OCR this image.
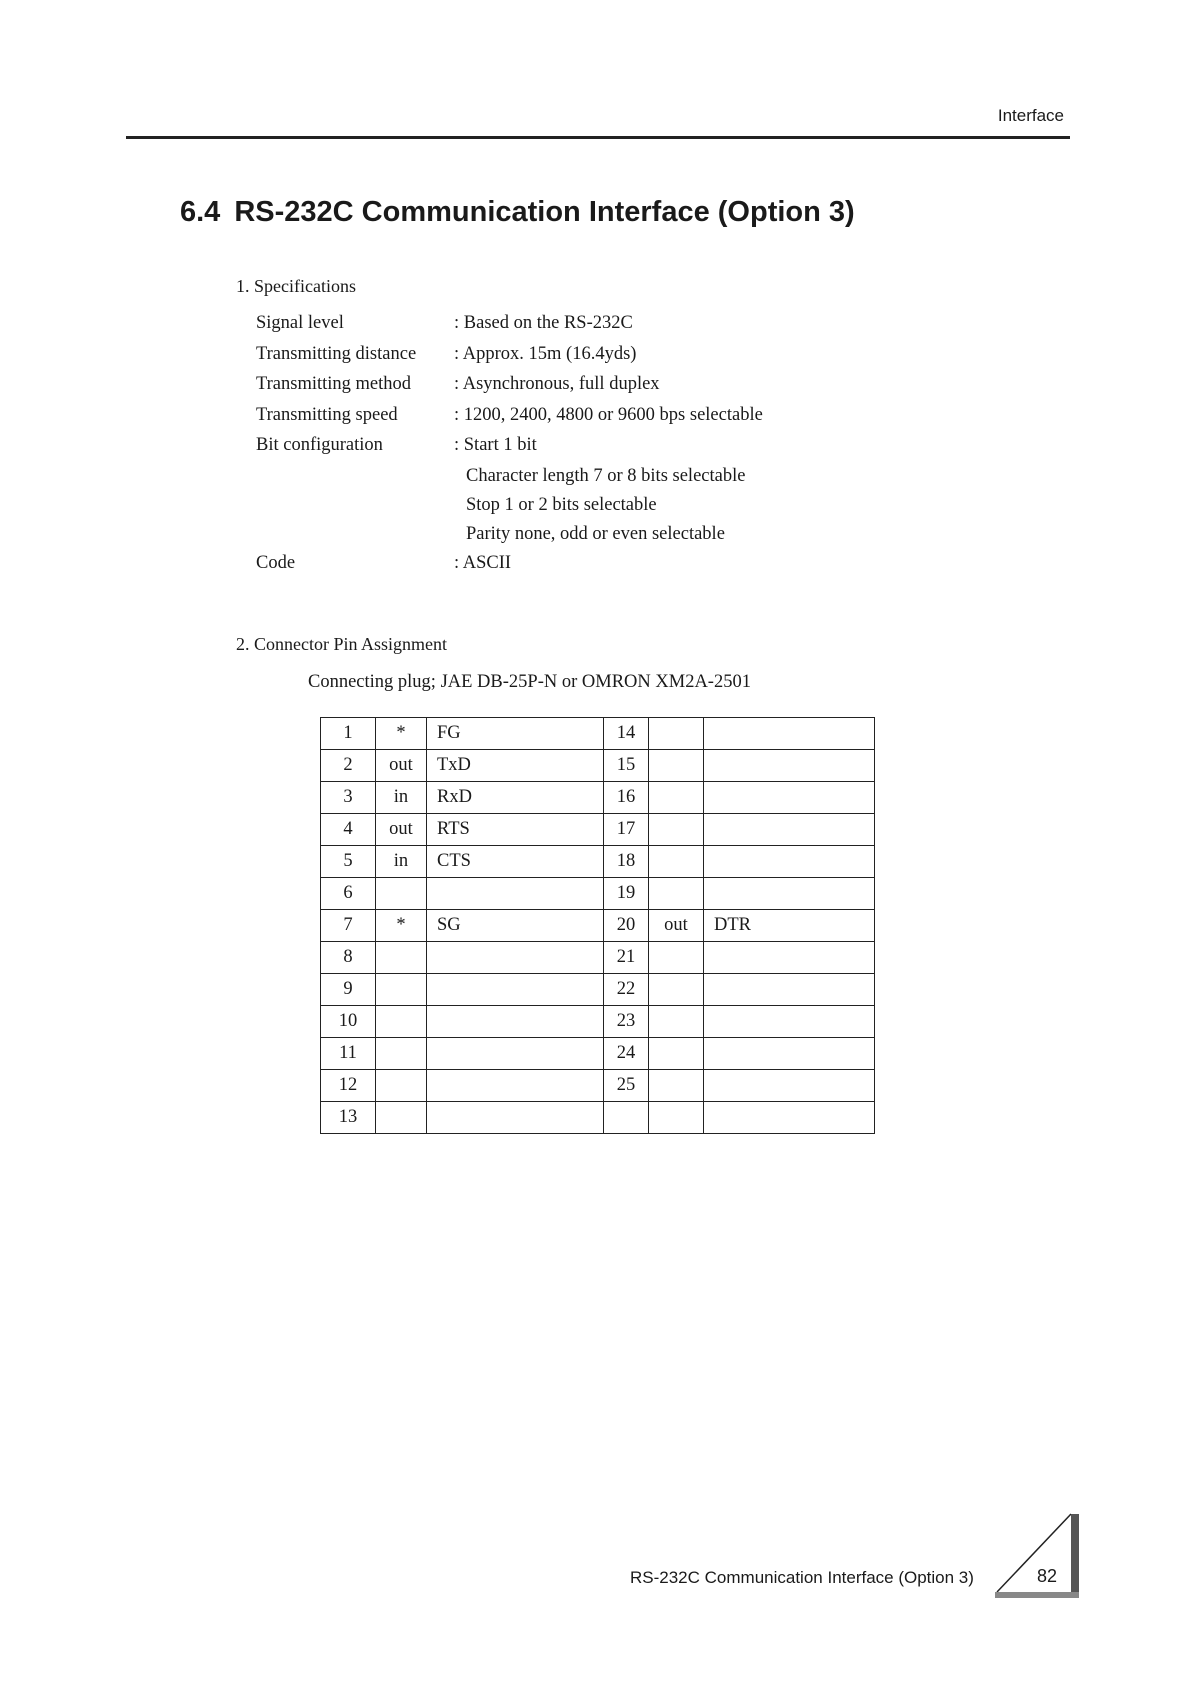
Interface
6.4 RS-232C Communication Interface (Option 3)
1. Specifications
Signal level	: Based on the RS-232C
Transmitting distance : Approx. 15m (16.4yds)
Transmitting method : Asynchronous, full duplex
Transmitting speed	: 1200, 2400, 4800 or 9600 bps selectable
Bit configuration	: Start 1 bit
Character length 7 or 8 bits selectable
Stop 1 or 2 bits selectable
Parity none, odd or even selectable
Code	: ASCII
2. Connector Pin Assignment
Connecting plug; JAE DB-25P-N or OMRON XM2A-2501
1	*	FG	14		
2	out	TxD	15		
3	in	RxD	16		
4	out	RTS	17		
5	in	CTS	18		
6			19		
7	*	SG	20	out	DTR
8			21		
9			22		
10			23		
11			24		
12			25		
13					
RS-232C Communication Interface (Option 3)	82
